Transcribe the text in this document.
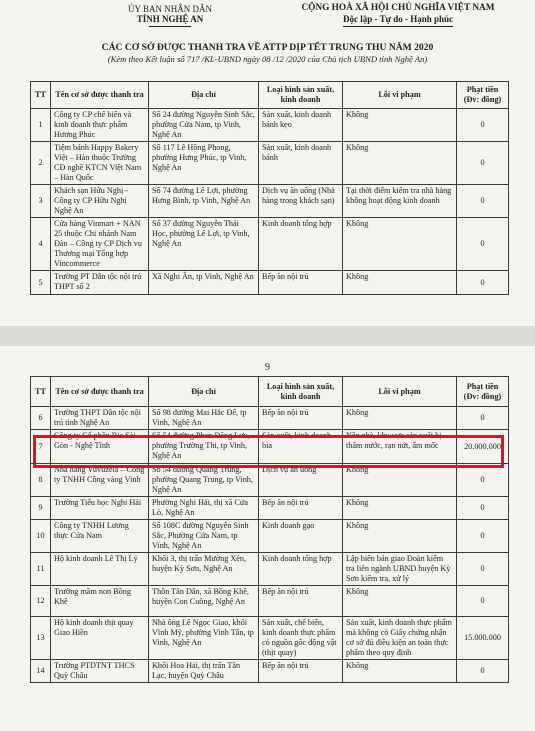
ỦY BAN NHÂN DÂN
TỈNH NGHỆ AN
CỘNG HOÀ XÃ HỘI CHỦ NGHĨA VIỆT NAM
Độc lập - Tự do - Hạnh phúc
CÁC CƠ SỞ ĐƯỢC THANH TRA VỀ ATTP DỊP TẾT TRUNG THU NĂM 2020
(Kèm theo Kết luận số 717 /KL-UBND ngày 08 /12 /2020 của Chủ tịch UBND tỉnh Nghệ An)
TT	Tên cơ sở được thanh tra	Địa chỉ	Loại hình sản xuất, kinh doanh	Lỗi vi phạm	Phạt tiền (Đv: đồng)
1	Công ty CP chế biến và kinh doanh thực phẩm Hương Phúc	Số 24 đường Nguyễn Sinh Sắc, phường Cửa Nam, tp Vinh, Nghệ An	Sản xuất, kinh doanh bánh kẹo	Không	0
2	Tiệm bánh Happy Bakery Việt – Hàn thuộc Trường CĐ nghề KTCN Việt Nam – Hàn Quốc	Số 117 Lê Hồng Phong, phường Hưng Phúc, tp Vinh, Nghệ An	Sản xuất, kinh doanh bánh	Không	0
3	Khách sạn Hữu Nghị - Công ty CP Hữu Nghị Nghệ An	Số 74 đường Lê Lợi, phường Hưng Bình, tp Vinh, Nghệ An	Dịch vụ ăn uống (Nhà hàng trong khách sạn)	Tại thời điểm kiểm tra nhà hàng không hoạt động kinh doanh	0
4	Cửa hàng Vinmart + NAN 25 thuộc Chi nhánh Nam Đàn – Công ty CP Dịch vụ Thương mại Tổng hợp Vincommerce	Số 37 đường Nguyễn Thái Học, phường Lê Lợi, tp Vinh, Nghệ An	Kinh doanh tổng hợp	Không	0
5	Trường PT Dân tộc nội trú THPT số 2	Xã Nghi Ân, tp Vinh, Nghệ An	Bếp ăn nội trú	Không	0
9
TT	Tên cơ sở được thanh tra	Địa chỉ	Loại hình sản xuất, kinh doanh	Lỗi vi phạm	Phạt tiền (Đv: đồng)
6	Trường THPT Dân tộc nội trú tỉnh Nghệ An	Số 98 đường Mai Hắc Đế, tp Vinh, Nghệ An	Bếp ăn nội trú	Không	0
7	Công ty Cổ phần Bia Sài Gòn - Nghệ Tĩnh	Số 54 đường Phan Đăng Lưu, phường Trường Thi, tp Vinh, Nghệ An	Sản xuất, kinh doanh bia	Nền nhà, khu vực sản xuất bị thấm nước, rạn nứt, ẩm mốc	20.000.000
8	Nhà hàng Vuvuzela – Công ty TNHH Công vàng Vinh	Số 54 đường Quang Trung, phường Quang Trung, tp Vinh, Nghệ An	Dịch vụ ăn uống	Không	0
9	Trường Tiểu học Nghi Hải	Phường Nghi Hải, thị xã Cửa Lò, Nghệ An	Bếp ăn nội trú	Không	0
10	Công ty TNHH Lương thực Cửa Nam	Số 108C đường Nguyễn Sinh Sắc, Phường Cửa Nam, tp Vinh, Nghệ An	Kinh doanh gạo	Không	0
11	Hộ kinh doanh Lê Thị Lý	Khối 3, thị trấn Mường Xén, huyện Kỳ Sơn, Nghệ An	Kinh doanh tổng hợp	Lập biên bản giao Đoàn kiểm tra liên ngành UBND huyện Kỳ Sơn kiểm tra, xử lý	0
12	Trường mầm non Bồng Khê	Thôn Tân Dân, xã Bồng Khê, huyện Con Cuông, Nghệ An	Bếp ăn nội trú	Không	0
13	Hộ kinh doanh thịt quay Giao Hiền	Nhà ông Lê Ngọc Giao, khối Vĩnh Mỹ, phường Vinh Tân, tp Vinh, Nghệ An	Sản xuất, chế biến, kinh doanh thực phẩm có nguồn gốc động vật (thịt quay)	Sản xuất, kinh doanh thực phẩm mà không có Giấy chứng nhận cơ sở đủ điều kiện an toàn thực phẩm theo quy định	15.000.000
14	Trường PTDTNT THCS Quỳ Châu	Khối Hoa Hải, thị trấn Tân Lạc, huyện Quỳ Châu	Bếp ăn nội trú	Không	0
